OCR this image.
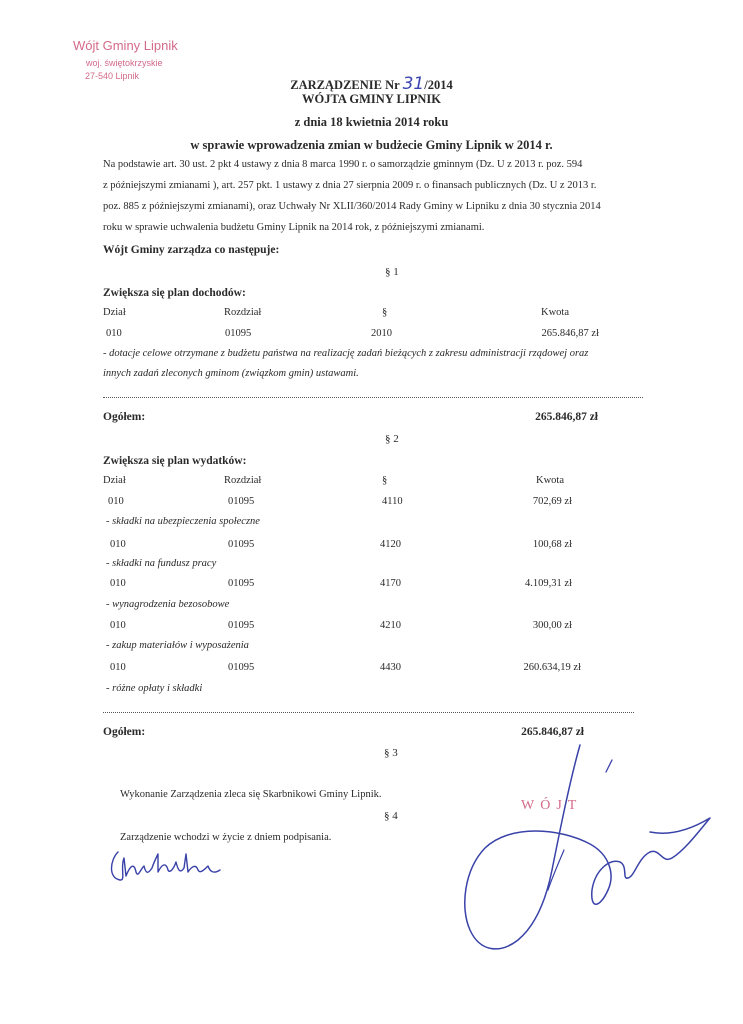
Wójt Gminy Lipnik
woj. świętokrzyskie
27-540 Lipnik
ZARZĄDZENIE Nr 31/2014
WÓJTA GMINY LIPNIK
z dnia 18 kwietnia 2014 roku
w sprawie wprowadzenia zmian w budżecie Gminy Lipnik w 2014 r.
Na podstawie art. 30 ust. 2 pkt 4 ustawy z dnia 8 marca 1990 r. o samorządzie gminnym (Dz. U z 2013 r. poz. 594
z późniejszymi zmianami ), art. 257 pkt. 1 ustawy z dnia 27 sierpnia 2009 r. o finansach publicznych (Dz. U z 2013 r.
poz. 885 z późniejszymi zmianami), oraz Uchwały Nr XLII/360/2014 Rady Gminy w Lipniku z dnia 30 stycznia 2014
roku w sprawie uchwalenia budżetu Gminy Lipnik na 2014 rok, z późniejszymi zmianami.
Wójt Gminy zarządza co następuje:
§ 1
Zwiększa się plan dochodów:
Dział	Rozdział	§	Kwota
010	01095	2010	265.846,87 zł
- dotacje celowe otrzymane z budżetu państwa na realizację zadań bieżących z zakresu administracji rządowej oraz
innych zadań zleconych gminom (związkom gmin) ustawami.
Ogółem:	265.846,87 zł
§ 2
Zwiększa się plan wydatków:
Dział	Rozdział	§	Kwota
010	01095	4110	702,69 zł
- składki na ubezpieczenia społeczne
010	01095	4120	100,68 zł
- składki na fundusz pracy
010	01095	4170	4.109,31 zł
- wynagrodzenia bezosobowe
010	01095	4210	300,00 zł
- zakup materiałów i wyposażenia
010	01095	4430	260.634,19 zł
- różne opłaty i składki
Ogółem:	265.846,87 zł
§ 3
Wykonanie Zarządzenia zleca się Skarbnikowi Gminy Lipnik.
§ 4
Zarządzenie wchodzi w życie z dniem podpisania.
WÓJT
